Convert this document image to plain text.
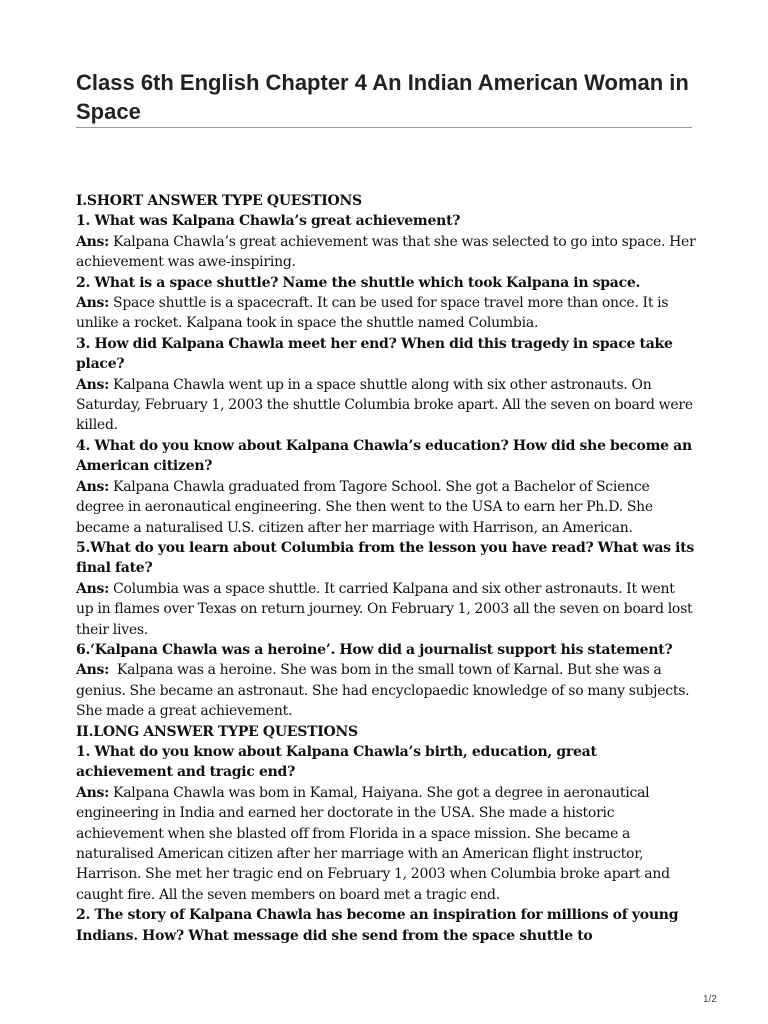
Class 6th English Chapter 4 An Indian American Woman in Space

I.SHORT ANSWER TYPE QUESTIONS

1. What was Kalpana Chawla’s great achievement?

Ans: Kalpana Chawla’s great achievement was that she was selected to go into space. Her achievement was awe-inspiring.

2. What is a space shuttle? Name the shuttle which took Kalpana in space.

Ans: Space shuttle is a spacecraft. It can be used for space travel more than once. It is unlike a rocket. Kalpana took in space the shuttle named Columbia.

3. How did Kalpana Chawla meet her end? When did this tragedy in space take place?

Ans: Kalpana Chawla went up in a space shuttle along with six other astronauts. On Saturday, February 1, 2003 the shuttle Columbia broke apart. All the seven on board were killed.

4. What do you know about Kalpana Chawla’s education? How did she become an American citizen?

Ans: Kalpana Chawla graduated from Tagore School. She got a Bachelor of Science degree in aeronautical engineering. She then went to the USA to earn her Ph.D. She became a naturalised U.S. citizen after her marriage with Harrison, an American.

5.What do you learn about Columbia from the lesson you have read? What was its final fate?

Ans: Columbia was a space shuttle. It carried Kalpana and six other astronauts. It went up in flames over Texas on return journey. On February 1, 2003 all the seven on board lost their lives.

6.‘Kalpana Chawla was a heroine’. How did a journalist support his statement?

Ans: Kalpana was a heroine. She was bom in the small town of Karnal. But she was a genius. She became an astronaut. She had encyclopaedic knowledge of so many subjects. She made a great achievement.

II.LONG ANSWER TYPE QUESTIONS

1. What do you know about Kalpana Chawla’s birth, education, great achievement and tragic end?

Ans: Kalpana Chawla was bom in Kamal, Haiyana. She got a degree in aeronautical engineering in India and earned her doctorate in the USA. She made a historic achievement when she blasted off from Florida in a space mission. She became a naturalised American citizen after her marriage with an American flight instructor, Harrison. She met her tragic end on February 1, 2003 when Columbia broke apart and caught fire. All the seven members on board met a tragic end.

2. The story of Kalpana Chawla has become an inspiration for millions of young Indians. How? What message did she send from the space shuttle to

1/2
